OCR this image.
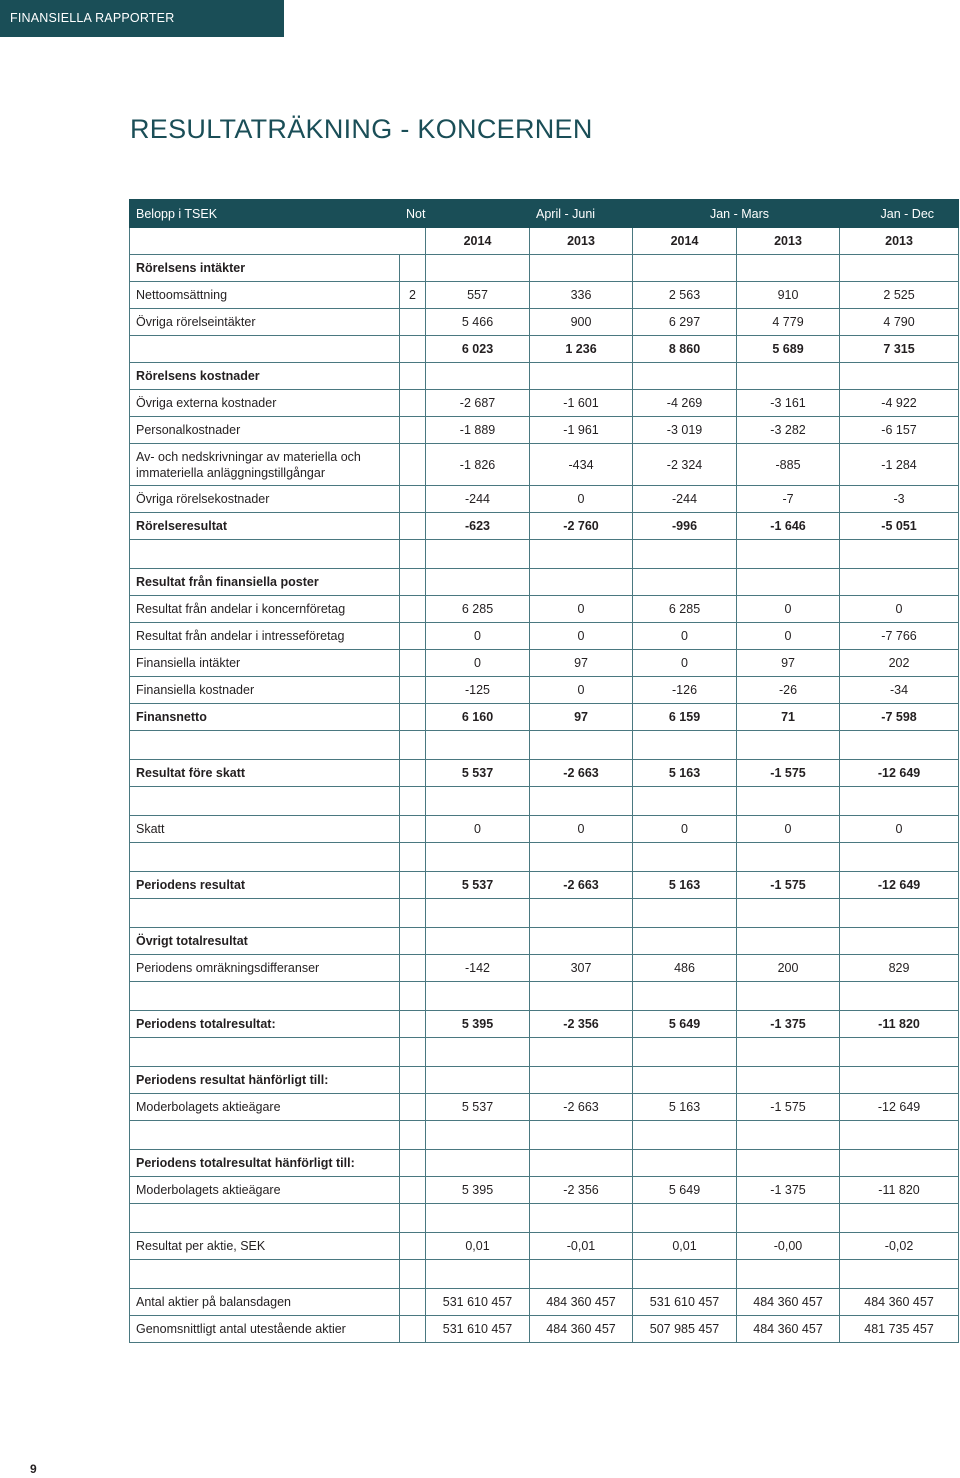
FINANSIELLA RAPPORTER
RESULTATRÄKNING - KONCERNEN
Belopp i TSEK	Not		April - Juni	Jan - Mars		Jan - Dec
		2014	2013	2014	2013	2013
Rörelsens intäkter						
Nettoomsättning	2	557	336	2 563	910	2 525
Övriga rörelseintäkter		5 466	900	6 297	4 779	4 790
		6 023	1 236	8 860	5 689	7 315
Rörelsens kostnader						
Övriga externa kostnader		-2 687	-1 601	-4 269	-3 161	-4 922
Personalkostnader		-1 889	-1 961	-3 019	-3 282	-6 157
Av- och nedskrivningar av materiella och immateriella anläggningstillgångar		-1 826	-434	-2 324	-885	-1 284
Övriga rörelsekostnader		-244	0	-244	-7	-3
Rörelseresultat		-623	-2 760	-996	-1 646	-5 051

Resultat från finansiella poster						
Resultat från andelar i koncernföretag		6 285	0	6 285	0	0
Resultat från andelar i intresseföretag		0	0	0	0	-7 766
Finansiella intäkter		0	97	0	97	202
Finansiella kostnader		-125	0	-126	-26	-34
Finansnetto		6 160	97	6 159	71	-7 598

Resultat före skatt		5 537	-2 663	5 163	-1 575	-12 649

Skatt		0	0	0	0	0

Periodens resultat		5 537	-2 663	5 163	-1 575	-12 649

Övrigt totalresultat						
Periodens omräkningsdifferanser		-142	307	486	200	829

Periodens totalresultat:		5 395	-2 356	5 649	-1 375	-11 820

Periodens resultat hänförligt till:						
Moderbolagets aktieägare		5 537	-2 663	5 163	-1 575	-12 649

Periodens totalresultat hänförligt till:						
Moderbolagets aktieägare		5 395	-2 356	5 649	-1 375	-11 820

Resultat per aktie, SEK		0,01	-0,01	0,01	-0,00	-0,02

Antal aktier på balansdagen		531 610 457	484 360 457	531 610 457	484 360 457	484 360 457
Genomsnittligt antal utestående aktier		531 610 457	484 360 457	507 985 457	484 360 457	481 735 457
9
